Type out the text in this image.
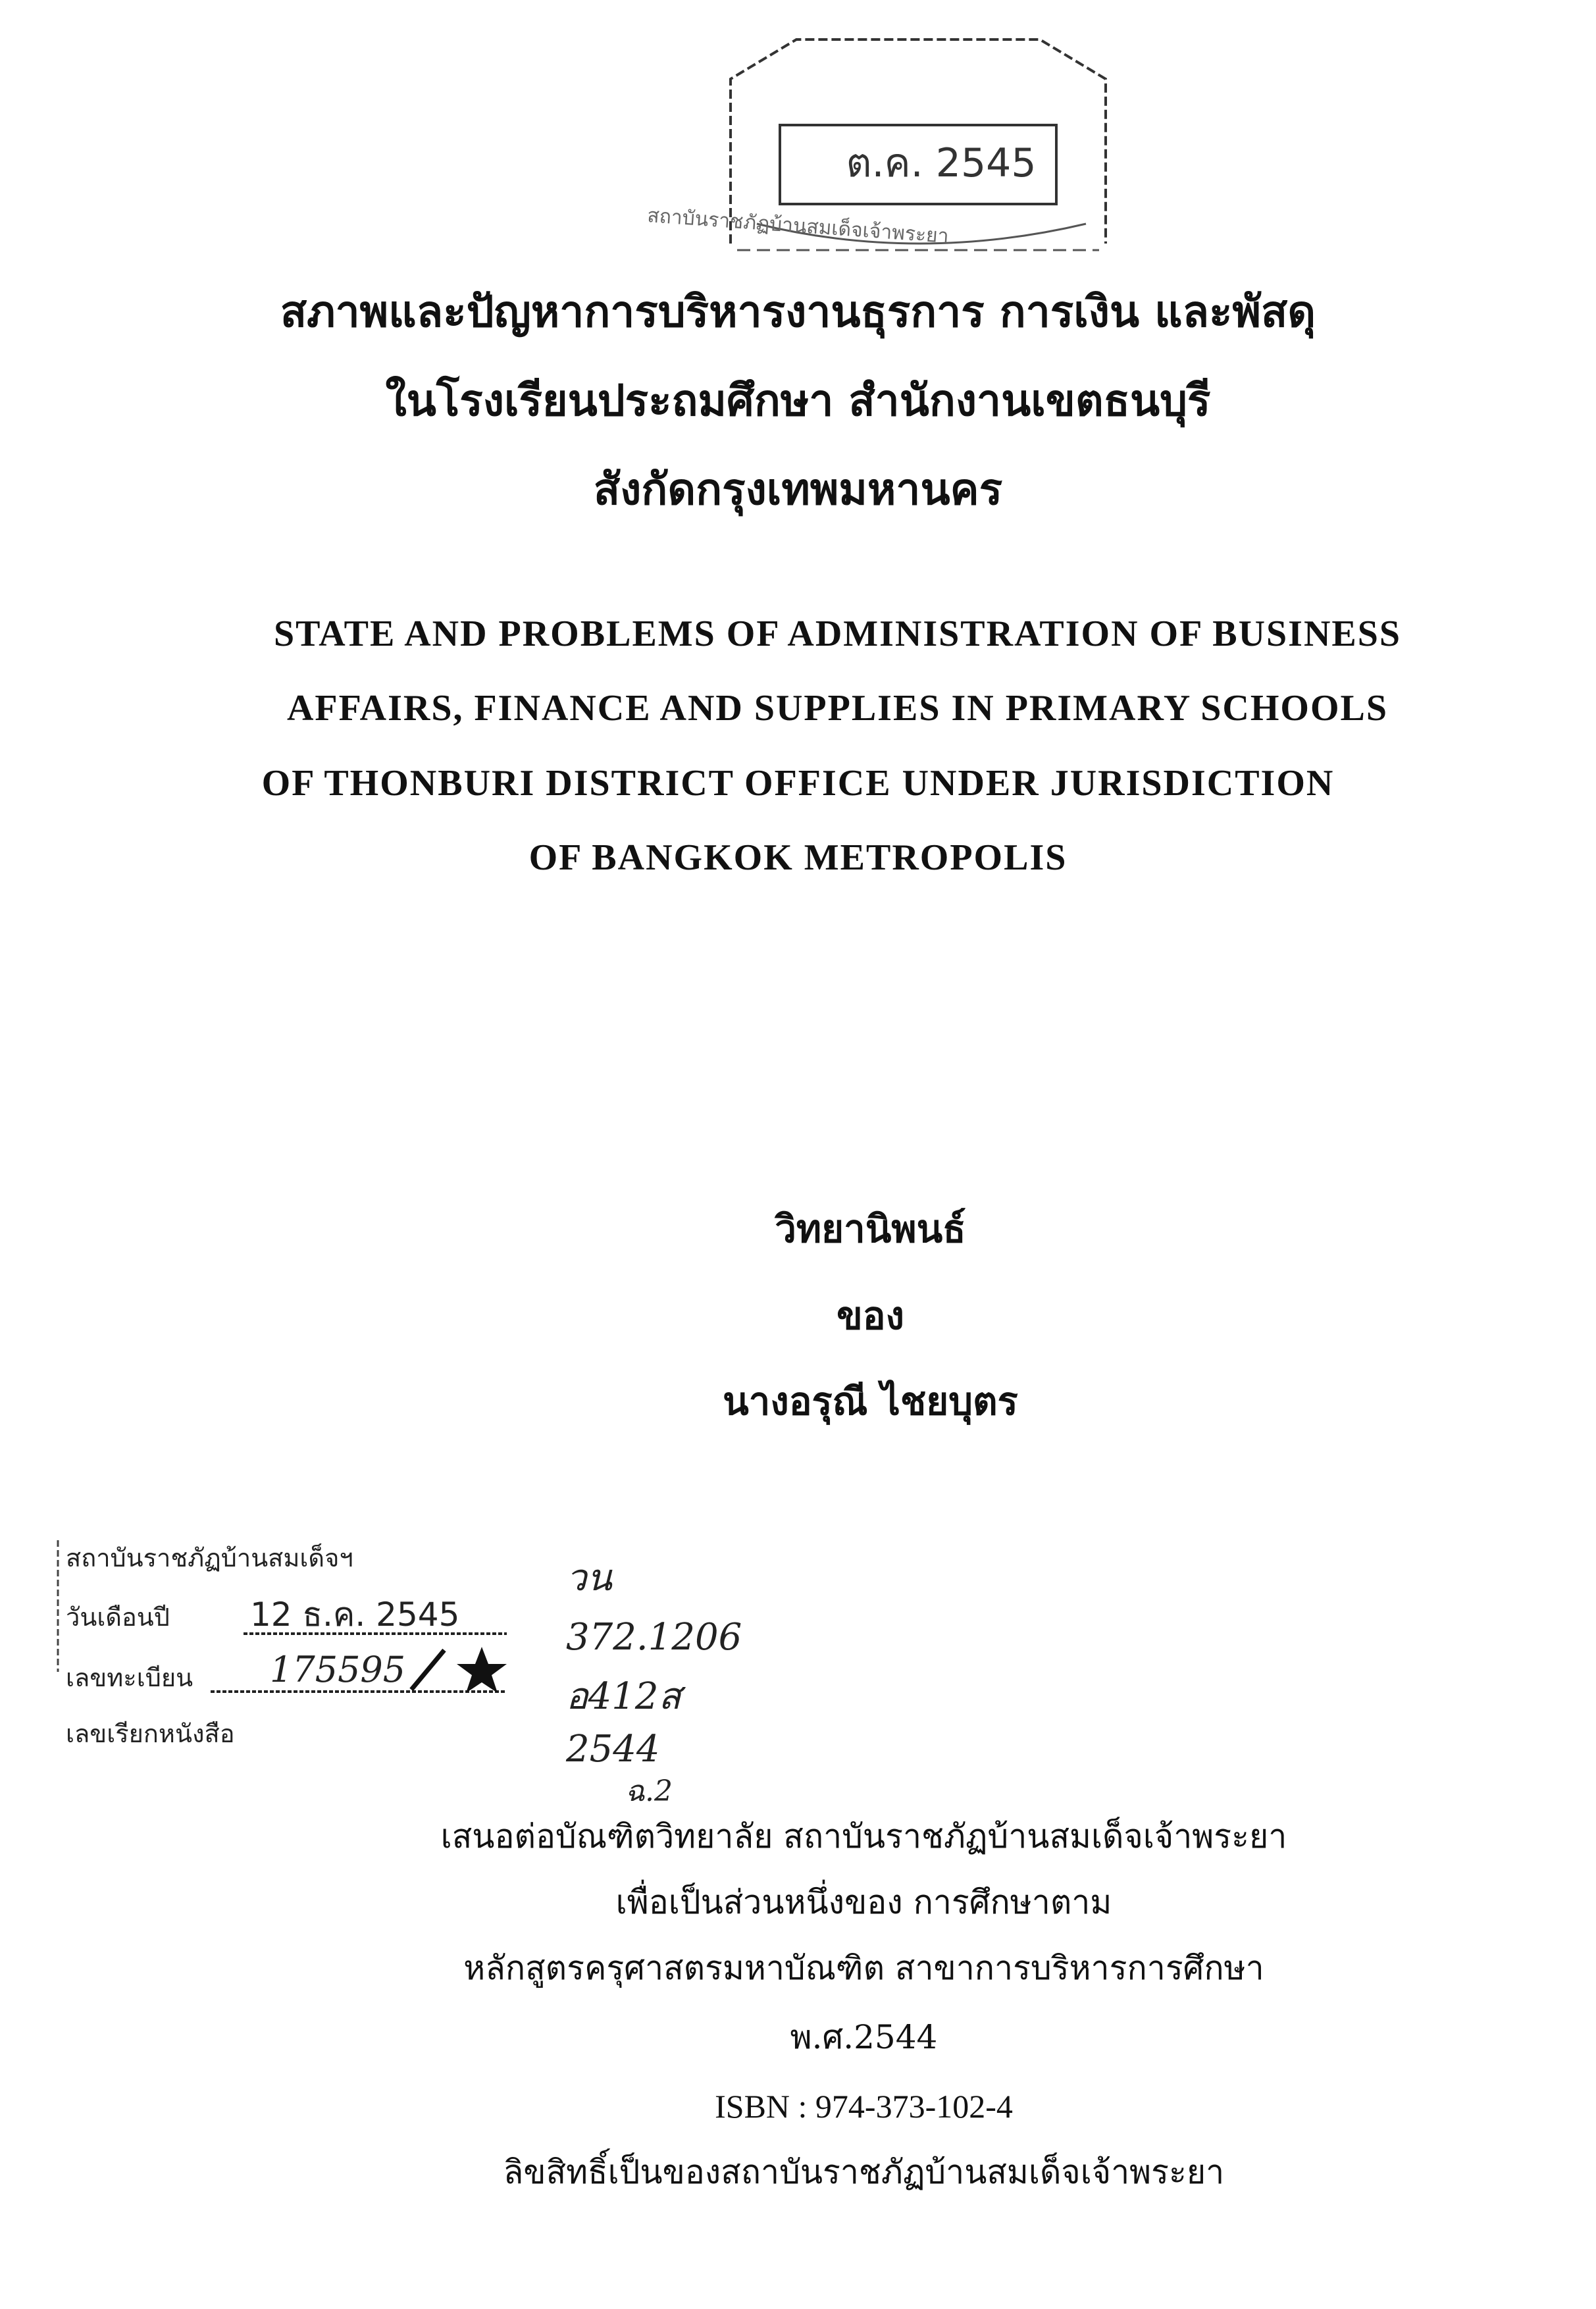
ต.ค. 2545
สถาบันราชภัฏบ้านสมเด็จเจ้าพระยา
สภาพและปัญหาการบริหารงานธุรการ การเงิน และพัสดุ
ในโรงเรียนประถมศึกษา สำนักงานเขตธนบุรี
สังกัดกรุงเทพมหานคร
STATE AND PROBLEMS OF ADMINISTRATION OF BUSINESS
AFFAIRS, FINANCE AND SUPPLIES IN PRIMARY SCHOOLS
OF THONBURI DISTRICT OFFICE UNDER JURISDICTION
OF BANGKOK METROPOLIS
วิทยานิพนธ์
ของ
นางอรุณี ไชยบุตร
สถาบันราชภัฏบ้านสมเด็จฯ
วันเดือนปี 12 ธ.ค. 2545
เลขทะเบียน 175595
เลขเรียกหนังสือ
วน
372.1206
อ412ส
2544
ฉ.2
เสนอต่อบัณฑิตวิทยาลัย สถาบันราชภัฏบ้านสมเด็จเจ้าพระยา
เพื่อเป็นส่วนหนึ่งของ การศึกษาตาม
หลักสูตรครุศาสตรมหาบัณฑิต สาขาการบริหารการศึกษา
พ.ศ.2544
ISBN : 974-373-102-4
ลิขสิทธิ์เป็นของสถาบันราชภัฏบ้านสมเด็จเจ้าพระยา
